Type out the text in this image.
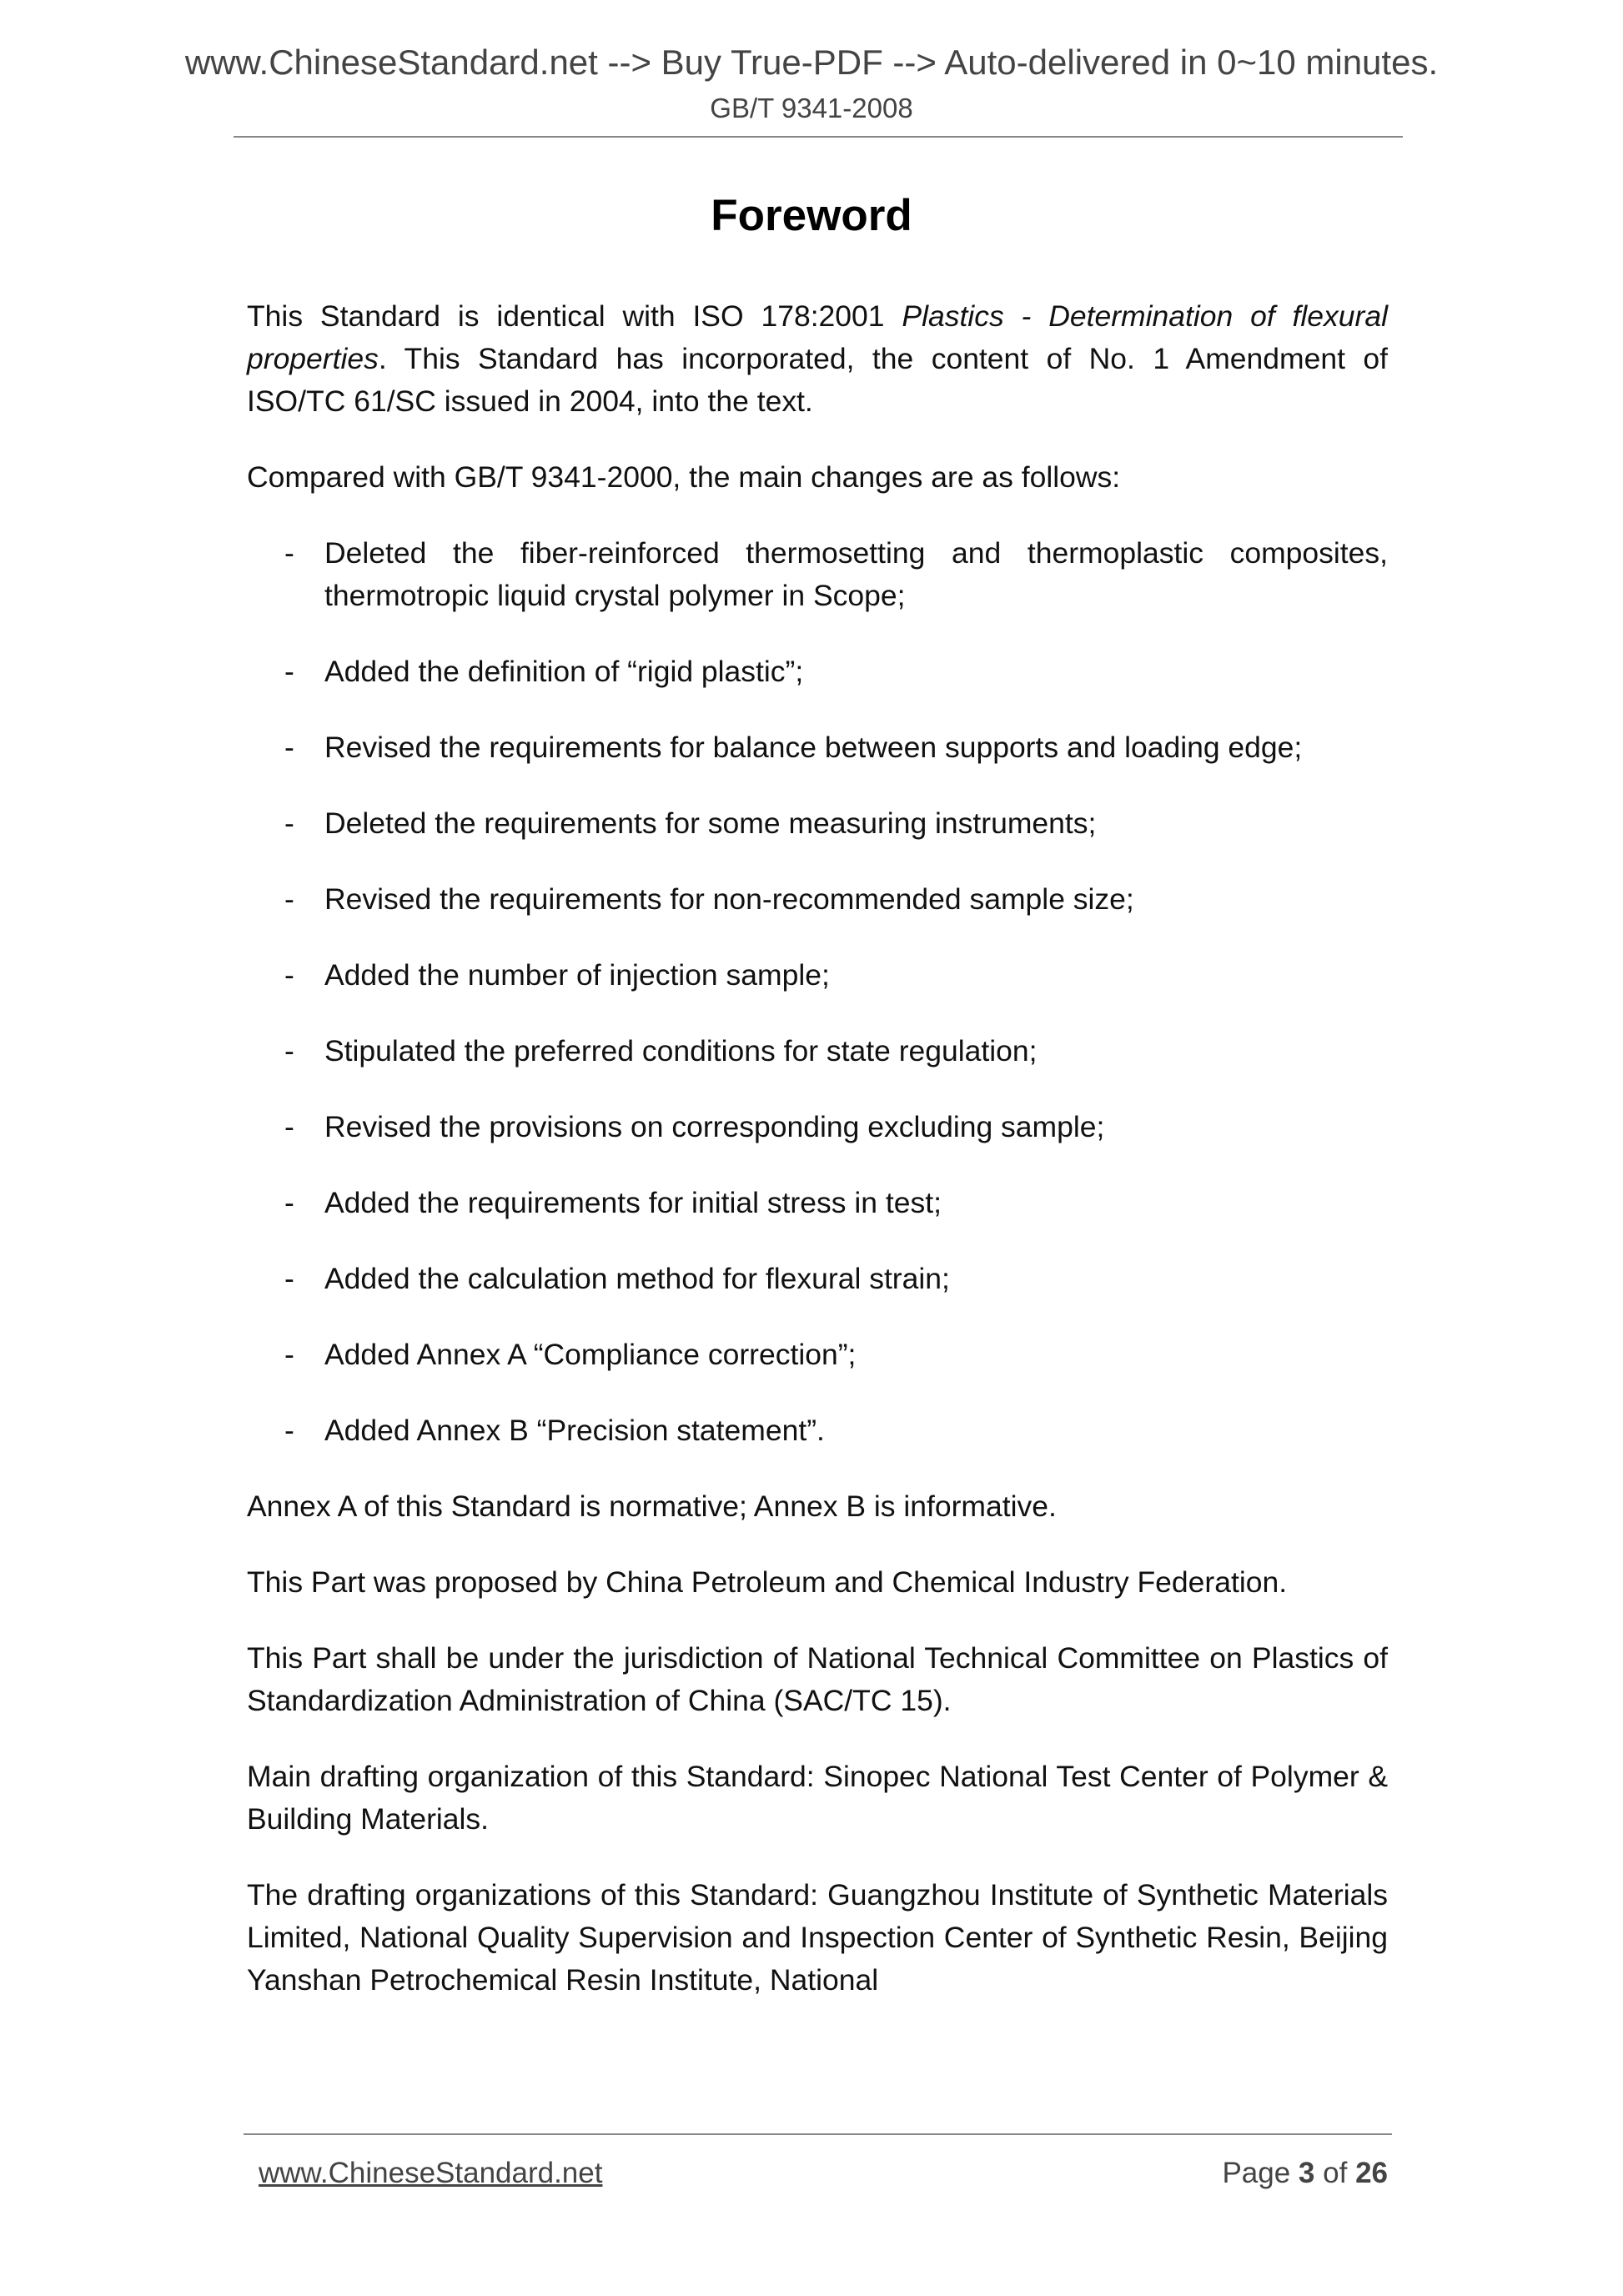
www.ChineseStandard.net --> Buy True-PDF --> Auto-delivered in 0~10 minutes.
GB/T 9341-2008
Foreword

This Standard is identical with ISO 178:2001 Plastics - Determination of flexural properties. This Standard has incorporated, the content of No. 1 Amendment of ISO/TC 61/SC issued in 2004, into the text.

Compared with GB/T 9341-2000, the main changes are as follows:

-	Deleted the fiber-reinforced thermosetting and thermoplastic composites, thermotropic liquid crystal polymer in Scope;
-	Added the definition of “rigid plastic”;
-	Revised the requirements for balance between supports and loading edge;
-	Deleted the requirements for some measuring instruments;
-	Revised the requirements for non-recommended sample size;
-	Added the number of injection sample;
-	Stipulated the preferred conditions for state regulation;
-	Revised the provisions on corresponding excluding sample;
-	Added the requirements for initial stress in test;
-	Added the calculation method for flexural strain;
-	Added Annex A “Compliance correction”;
-	Added Annex B “Precision statement”.

Annex A of this Standard is normative; Annex B is informative.

This Part was proposed by China Petroleum and Chemical Industry Federation.

This Part shall be under the jurisdiction of National Technical Committee on Plastics of Standardization Administration of China (SAC/TC 15).

Main drafting organization of this Standard: Sinopec National Test Center of Polymer & Building Materials.

The drafting organizations of this Standard: Guangzhou Institute of Synthetic Materials Limited, National Quality Supervision and Inspection Center of Synthetic Resin, Beijing Yanshan Petrochemical Resin Institute, National

www.ChineseStandard.net	Page 3 of 26
